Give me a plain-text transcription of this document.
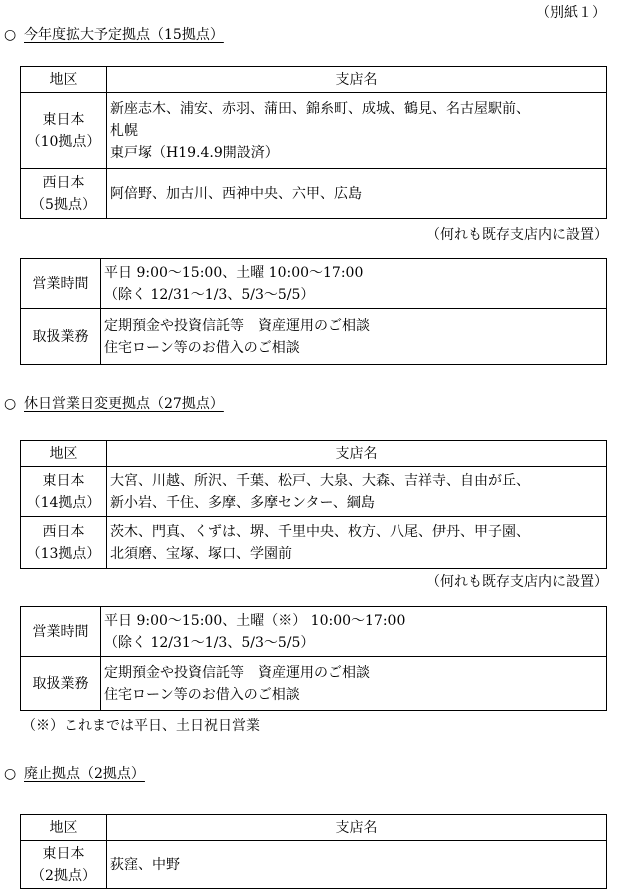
（別紙１）
○ 今年度拡大予定拠点（15拠点）
地区	支店名

東日本
（10拠点）	新座志木、浦安、赤羽、蒲田、錦糸町、成城、鶴見、名古屋駅前、
札幌
東戸塚（H19.4.9開設済）

西日本
（5拠点）	阿倍野、加古川、西神中央、六甲、広島
（何れも既存支店内に設置）
営業時間	平日 9:00～15:00、土曜 10:00～17:00
（除く 12/31～1/3、5/3～5/5）

取扱業務	定期預金や投資信託等　資産運用のご相談
住宅ローン等のお借入のご相談
○ 休日営業日変更拠点（27拠点）
地区	支店名

東日本
（14拠点）	大宮、川越、所沢、千葉、松戸、大泉、大森、吉祥寺、自由が丘、
新小岩、千住、多摩、多摩センター、綱島

西日本
（13拠点）	茨木、門真、くずは、堺、千里中央、枚方、八尾、伊丹、甲子園、
北須磨、宝塚、塚口、学園前
（何れも既存支店内に設置）
営業時間	平日 9:00～15:00、土曜（※） 10:00～17:00
（除く 12/31～1/3、5/3～5/5）

取扱業務	定期預金や投資信託等　資産運用のご相談
住宅ローン等のお借入のご相談
（※）これまでは平日、土日祝日営業
○ 廃止拠点（2拠点）
地区	支店名

東日本
（2拠点）	荻窪、中野
